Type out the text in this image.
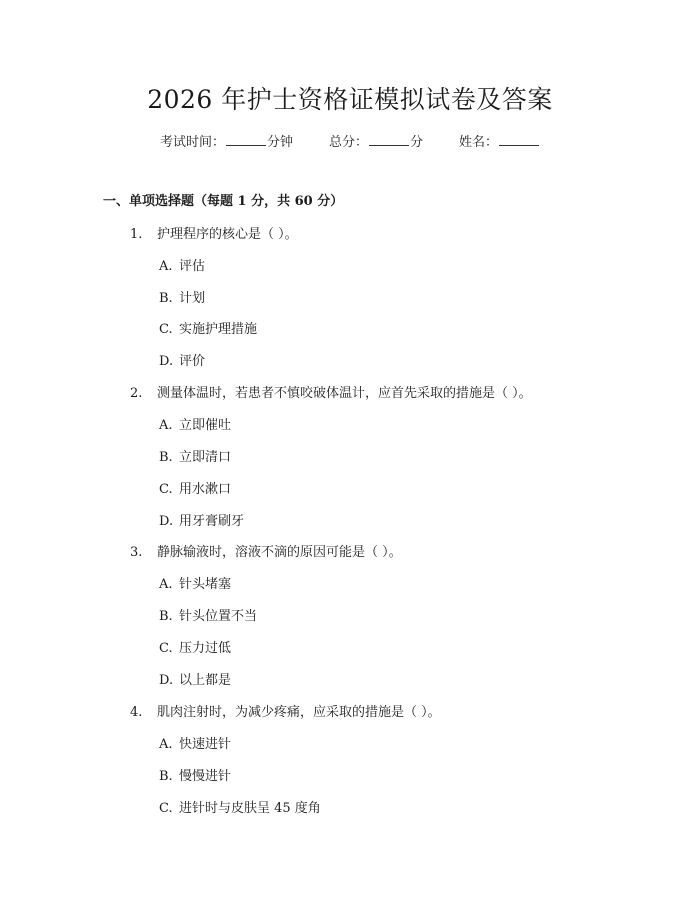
2026 年护士资格证模拟试卷及答案
考试时间：	分钟	总分：	分	姓名：
一、单项选择题（每题 1 分，共 60 分）
1. 护理程序的核心是（ ）。
A. 评估
B. 计划
C. 实施护理措施
D. 评价
2. 测量体温时，若患者不慎咬破体温计，应首先采取的措施是（ ）。
A. 立即催吐
B. 立即清口
C. 用水漱口
D. 用牙膏刷牙
3. 静脉输液时，溶液不滴的原因可能是（ ）。
A. 针头堵塞
B. 针头位置不当
C. 压力过低
D. 以上都是
4. 肌肉注射时，为减少疼痛，应采取的措施是（ ）。
A. 快速进针
B. 慢慢进针
C. 进针时与皮肤呈 45 度角
